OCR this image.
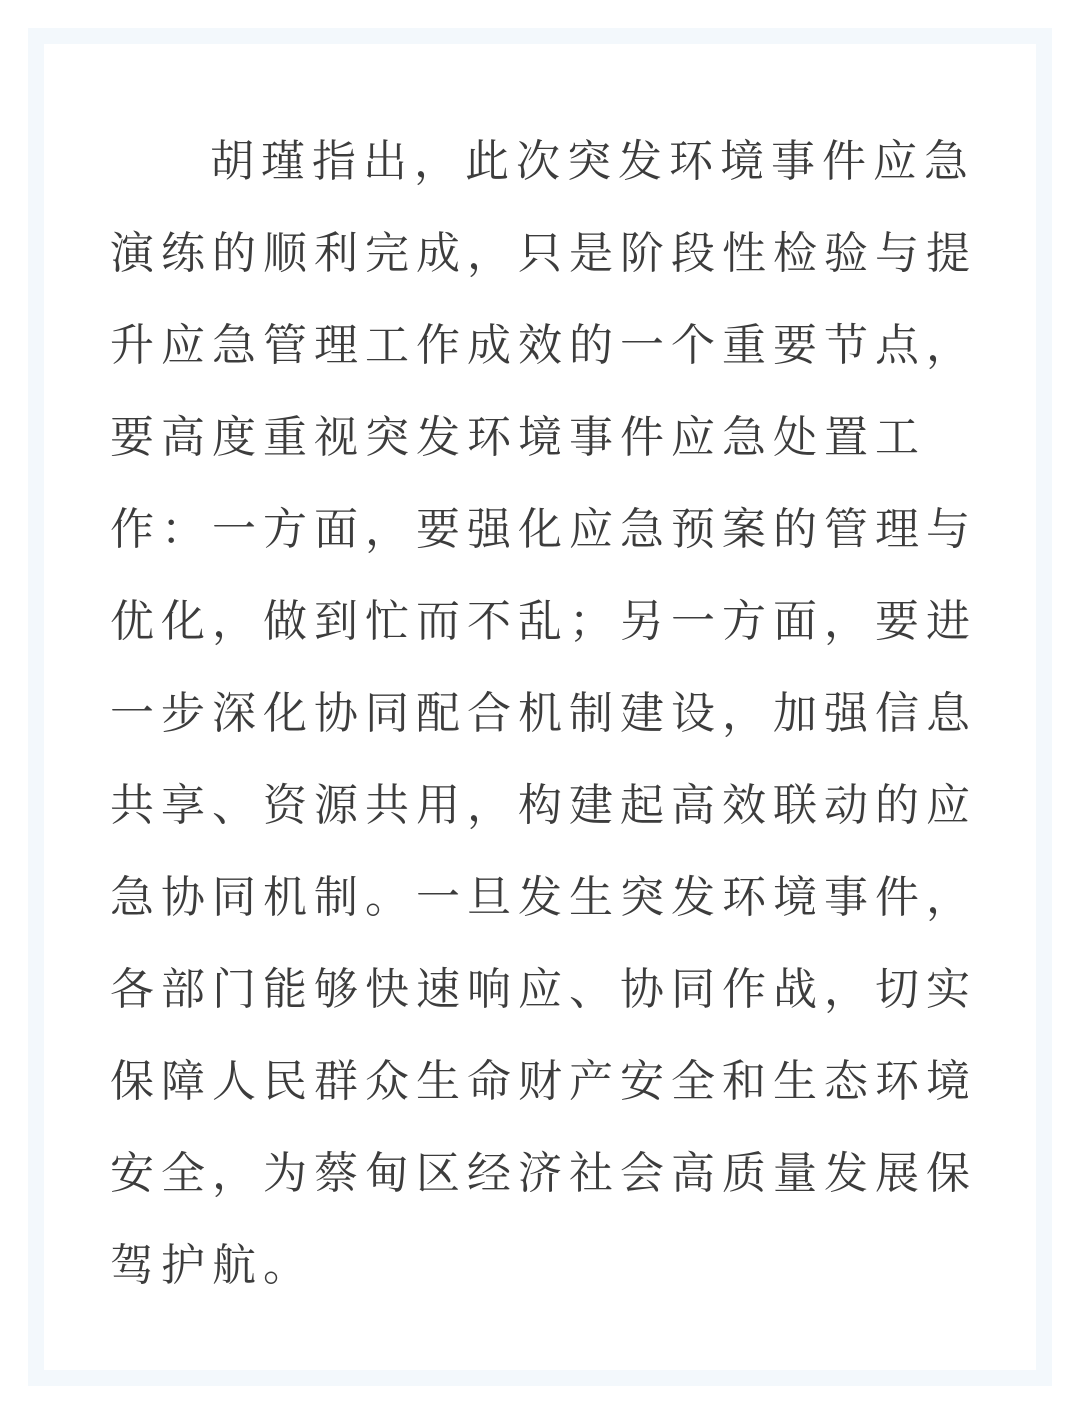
胡瑾指出，此次突发环境事件应急
演练的顺利完成，只是阶段性检验与提
升应急管理工作成效的一个重要节点，
要高度重视突发环境事件应急处置工
作：一方面，要强化应急预案的管理与
优化，做到忙而不乱；另一方面，要进
一步深化协同配合机制建设，加强信息
共享、资源共用，构建起高效联动的应
急协同机制。一旦发生突发环境事件，
各部门能够快速响应、协同作战，切实
保障人民群众生命财产安全和生态环境
安全，为蔡甸区经济社会高质量发展保
驾护航。
